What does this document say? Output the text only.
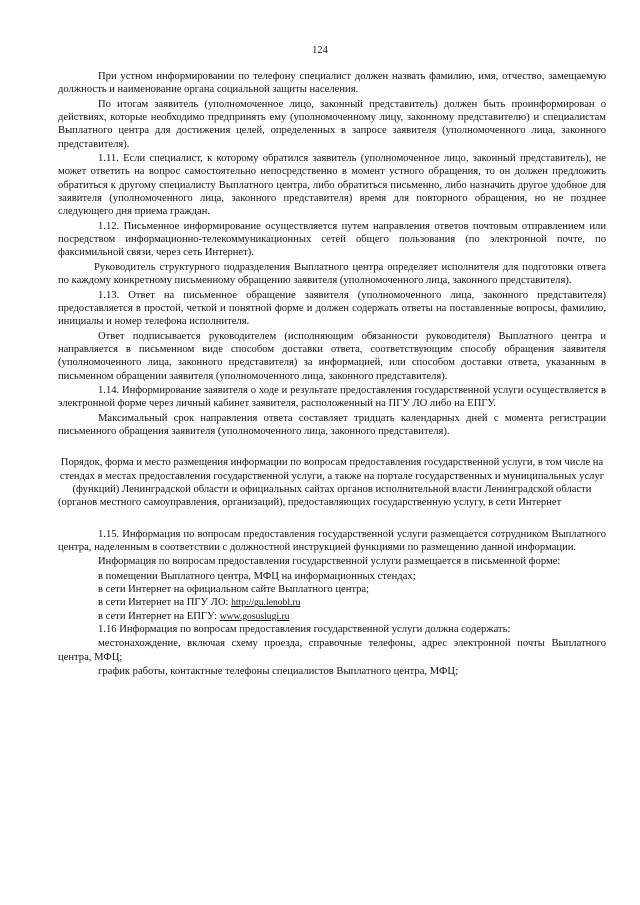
124

При устном информировании по телефону специалист должен назвать фамилию, имя, отчество, замещаемую должность и наименование органа социальной защиты населения.

По итогам заявитель (уполномоченное лицо, законный представитель) должен быть проинформирован о действиях, которые необходимо предпринять ему (уполномоченному лицу, законному представителю) и специалистам Выплатного центра для достижения целей, определенных в запросе заявителя (уполномоченного лица, законного представителя).

1.11. Если специалист, к которому обратился заявитель (уполномоченное лицо, законный представитель), не может ответить на вопрос самостоятельно непосредственно в момент устного обращения, то он должен предложить обратиться к другому специалисту Выплатного центра, либо обратиться письменно, либо назначить другое удобное для заявителя (уполномоченного лица, законного представителя) время для повторного обращения, но не позднее следующего дня приема граждан.

1.12. Письменное информирование осуществляется путем направления ответов почтовым отправлением или посредством информационно-телекоммуникационных сетей общего пользования (по электронной почте, по факсимильной связи, через сеть Интернет).

Руководитель структурного подразделения Выплатного центра определяет исполнителя для подготовки ответа по каждому конкретному письменному обращению заявителя (уполномоченного лица, законного представителя).

1.13. Ответ на письменное обращение заявителя (уполномоченного лица, законного представителя) предоставляется в простой, четкой и понятной форме и должен содержать ответы на поставленные вопросы, фамилию, инициалы и номер телефона исполнителя.

Ответ подписывается руководителем (исполняющим обязанности руководителя) Выплатного центра и направляется в письменном виде способом доставки ответа, соответствующим способу обращения заявителя (уполномоченного лица, законного представителя) за информацией, или способом доставки ответа, указанным в письменном обращении заявителя (уполномоченного лица, законного представителя).

1.14. Информирование заявителя о ходе и результате предоставления государственной услуги осуществляется в электронной форме через личный кабинет заявителя, расположенный на ПГУ ЛО либо на ЕПГУ.

Максимальный срок направления ответа составляет тридцать календарных дней с момента регистрации письменного обращения заявителя (уполномоченного лица, законного представителя).

Порядок, форма и место размещения информации по вопросам предоставления государственной услуги, в том числе на стендах в местах предоставления государственной услуги, а также на портале государственных и муниципальных услуг (функций) Ленинградской области и официальных сайтах органов исполнительной власти Ленинградской области (органов местного самоуправления, организаций), предоставляющих государственную услугу, в сети Интернет

1.15. Информация по вопросам предоставления государственной услуги размещается сотрудником Выплатного центра, наделенным в соответствии с должностной инструкцией функциями по размещению данной информации.

Информация по вопросам предоставления государственной услуги размещается в письменной форме:

в помещении Выплатного центра, МФЦ на информационных стендах;
в сети Интернет на официальном сайте Выплатного центра;
в сети Интернет на ПГУ ЛО: http://gu.lenobl.ru
в сети Интернет на ЕПГУ: www.gosuslugi.ru

1.16 Информация по вопросам предоставления государственной услуги должна содержать:

местонахождение, включая схему проезда, справочные телефоны, адрес электронной почты Выплатного центра, МФЦ;

график работы, контактные телефоны специалистов Выплатного центра, МФЦ;
